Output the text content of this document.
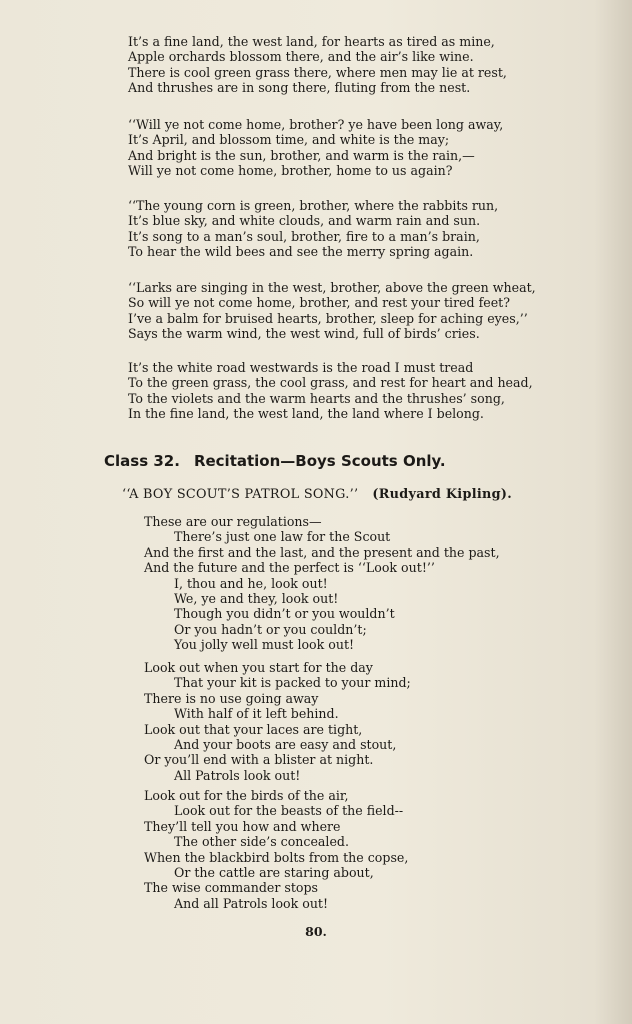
It’s a fine land, the west land, for hearts as tired as mine,
Apple orchards blossom there, and the air’s like wine.
There is cool green grass there, where men may lie at rest,
And thrushes are in song there, fluting from the nest.
‘‘Will ye not come home, brother? ye have been long away,
It’s April, and blossom time, and white is the may;
And bright is the sun, brother, and warm is the rain,—
Will ye not come home, brother, home to us again?
‘‘The young corn is green, brother, where the rabbits run,
It’s blue sky, and white clouds, and warm rain and sun.
It’s song to a man’s soul, brother, fire to a man’s brain,
To hear the wild bees and see the merry spring again.
‘‘Larks are singing in the west, brother, above the green wheat,
So will ye not come home, brother, and rest your tired feet?
I’ve a balm for bruised hearts, brother, sleep for aching eyes,’’
Says the warm wind, the west wind, full of birds’ cries.
It’s the white road westwards is the road I must tread
To the green grass, the cool grass, and rest for heart and head,
To the violets and the warm hearts and the thrushes’ song,
In the fine land, the west land, the land where I belong.
Class 32. Recitation—Boys Scouts Only.
‘‘A BOY SCOUT’S PATROL SONG.’’ (Rudyard Kipling).
These are our regulations—
There’s just one law for the Scout
And the first and the last, and the present and the past,
And the future and the perfect is ‘‘Look out!’’
I, thou and he, look out!
We, ye and they, look out!
Though you didn’t or you wouldn’t
Or you hadn’t or you couldn’t;
You jolly well must look out!
Look out when you start for the day
That your kit is packed to your mind;
There is no use going away
With half of it left behind.
Look out that your laces are tight,
And your boots are easy and stout,
Or you’ll end with a blister at night.
All Patrols look out!
Look out for the birds of the air,
Look out for the beasts of the field--
They’ll tell you how and where
The other side’s concealed.
When the blackbird bolts from the copse,
Or the cattle are staring about,
The wise commander stops
And all Patrols look out!
80.
